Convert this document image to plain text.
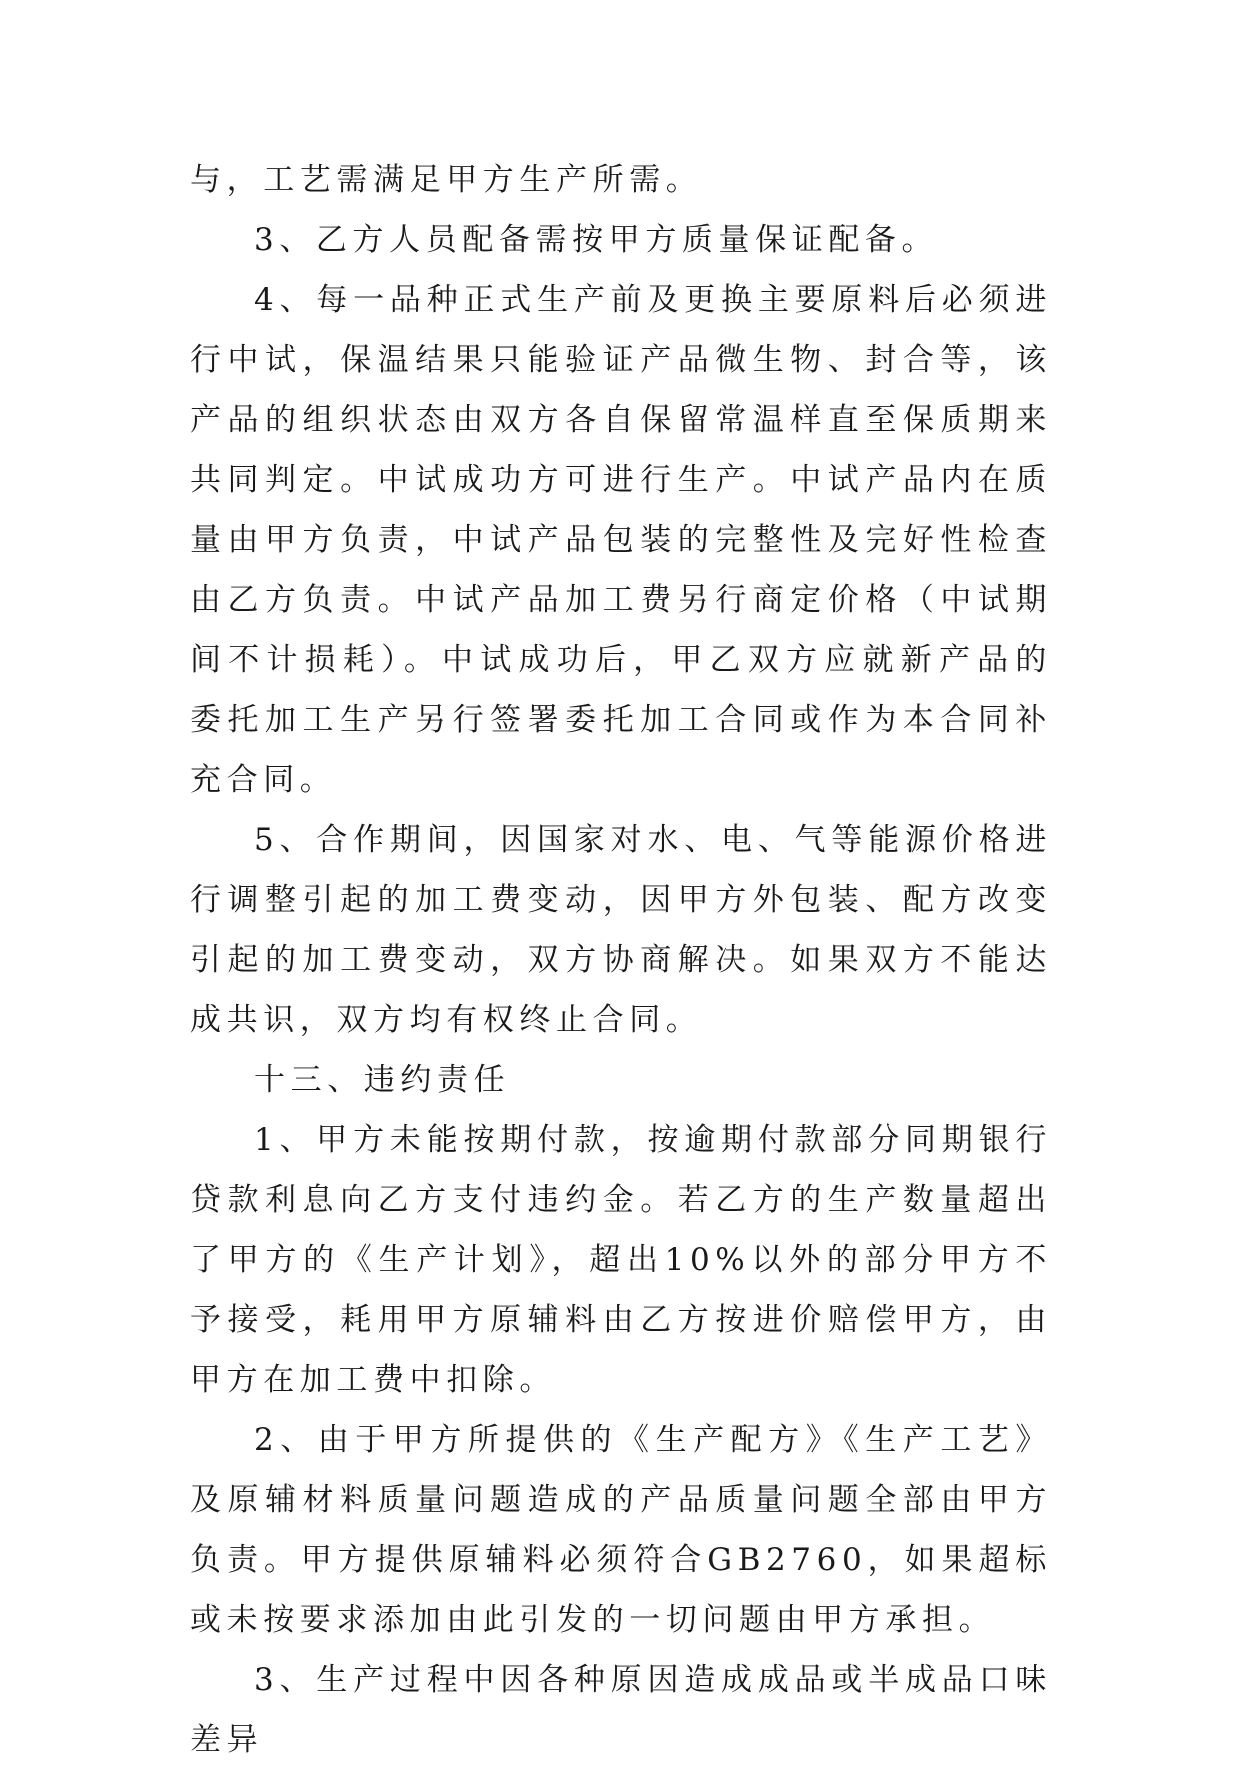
与，工艺需满足甲方生产所需。

3、乙方人员配备需按甲方质量保证配备。

4、每一品种正式生产前及更换主要原料后必须进行中试，保温结果只能验证产品微生物、封合等，该产品的组织状态由双方各自保留常温样直至保质期来共同判定。中试成功方可进行生产。中试产品内在质量由甲方负责，中试产品包装的完整性及完好性检查由乙方负责。中试产品加工费另行商定价格（中试期间不计损耗）。中试成功后，甲乙双方应就新产品的委托加工生产另行签署委托加工合同或作为本合同补充合同。

5、合作期间，因国家对水、电、气等能源价格进行调整引起的加工费变动，因甲方外包装、配方改变引起的加工费变动，双方协商解决。如果双方不能达成共识，双方均有权终止合同。

十三、违约责任

1、甲方未能按期付款，按逾期付款部分同期银行贷款利息向乙方支付违约金。若乙方的生产数量超出了甲方的《生产计划》，超出10%以外的部分甲方不予接受，耗用甲方原辅料由乙方按进价赔偿甲方，由甲方在加工费中扣除。

2、由于甲方所提供的《生产配方》《生产工艺》及原辅材料质量问题造成的产品质量问题全部由甲方负责。甲方提供原辅料必须符合GB2760，如果超标或未按要求添加由此引发的一切问题由甲方承担。

3、生产过程中因各种原因造成成品或半成品口味差异
